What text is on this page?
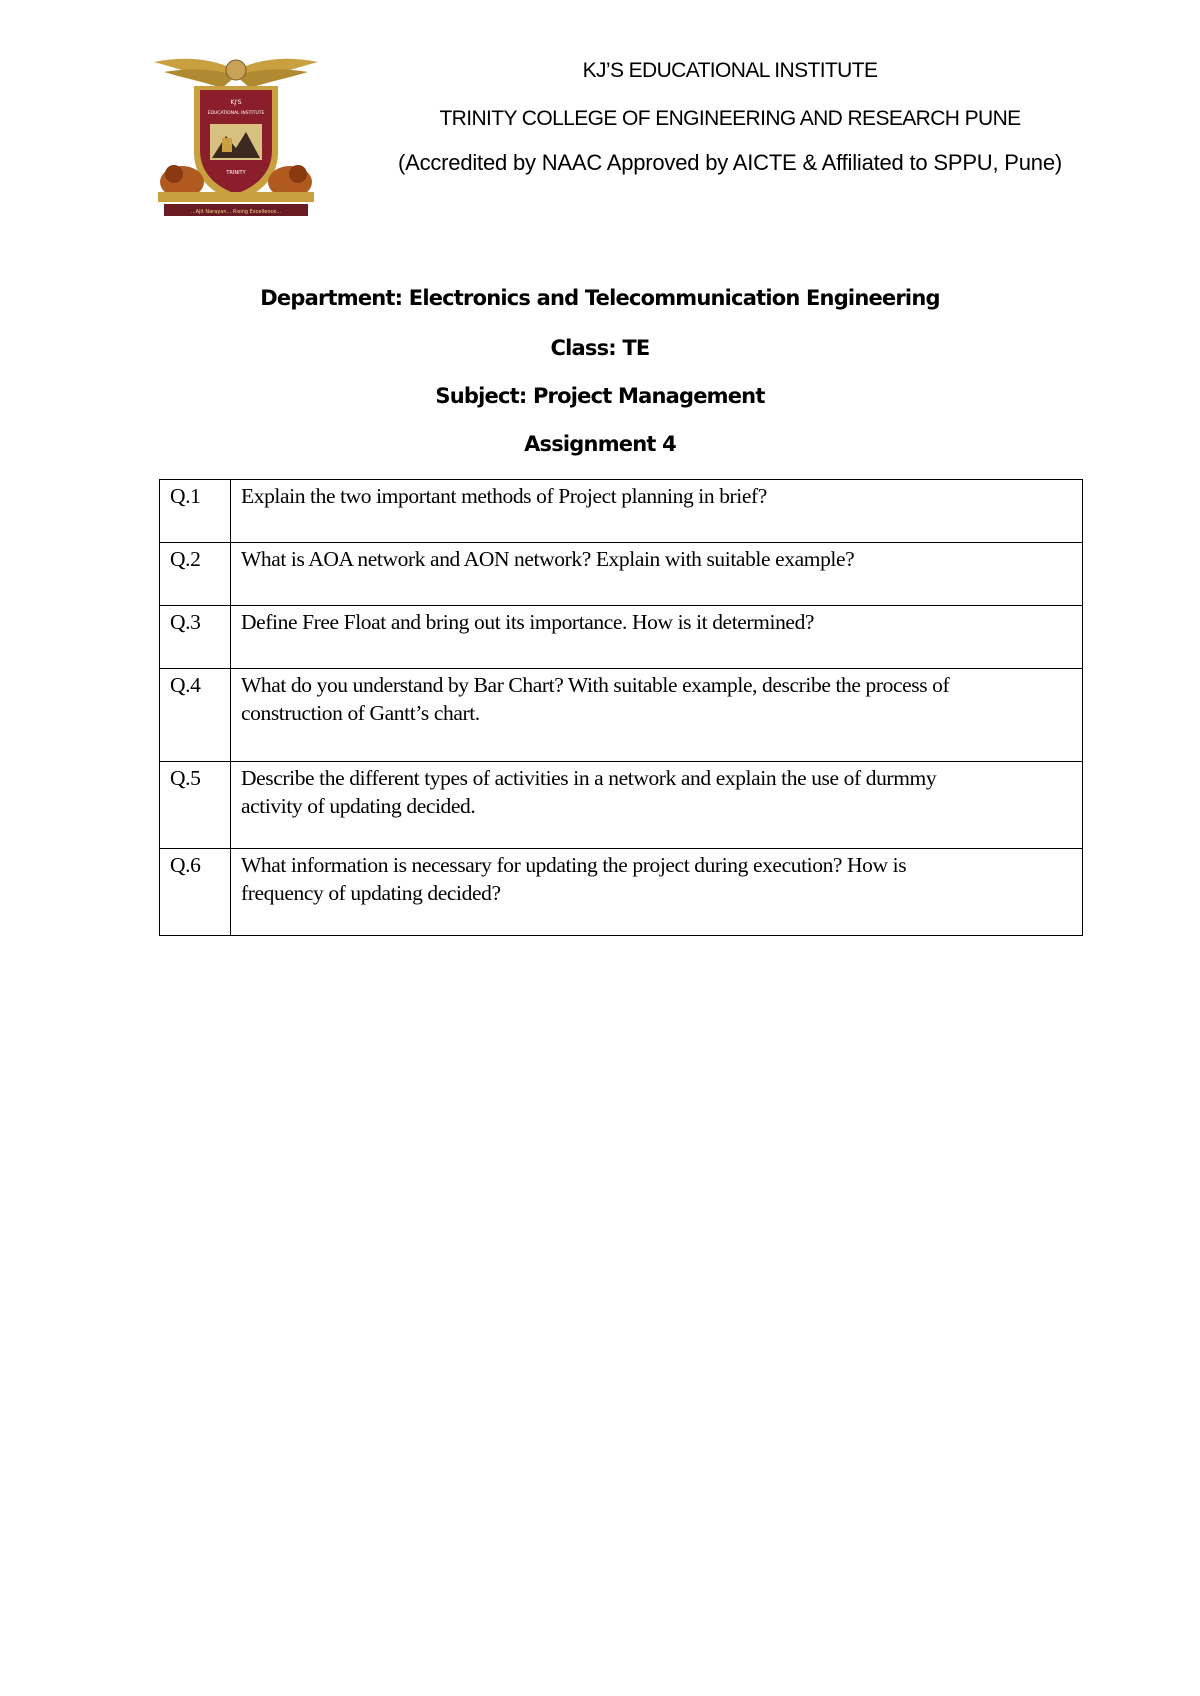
KJ'S
EDUCATIONAL INSTITUTE
TRINITY
...Ajit Narayan... Rising Excellence...

KJ’S EDUCATIONAL INSTITUTE

TRINITY COLLEGE OF ENGINEERING AND RESEARCH PUNE

(Accredited by NAAC Approved by AICTE & Affiliated to SPPU, Pune)

Department: Electronics and Telecommunication Engineering

Class: TE

Subject: Project Management

Assignment 4

Q.1	Explain the two important methods of Project planning in brief?
Q.2	What is AOA network and AON network? Explain with suitable example?
Q.3	Define Free Float and bring out its importance. How is it determined?
Q.4	What do you understand by Bar Chart? With suitable example, describe the process of construction of Gantt’s chart.
Q.5	Describe the different types of activities in a network and explain the use of durmmy activity of updating decided.
Q.6	What information is necessary for updating the project during execution? How is frequency of updating decided?
